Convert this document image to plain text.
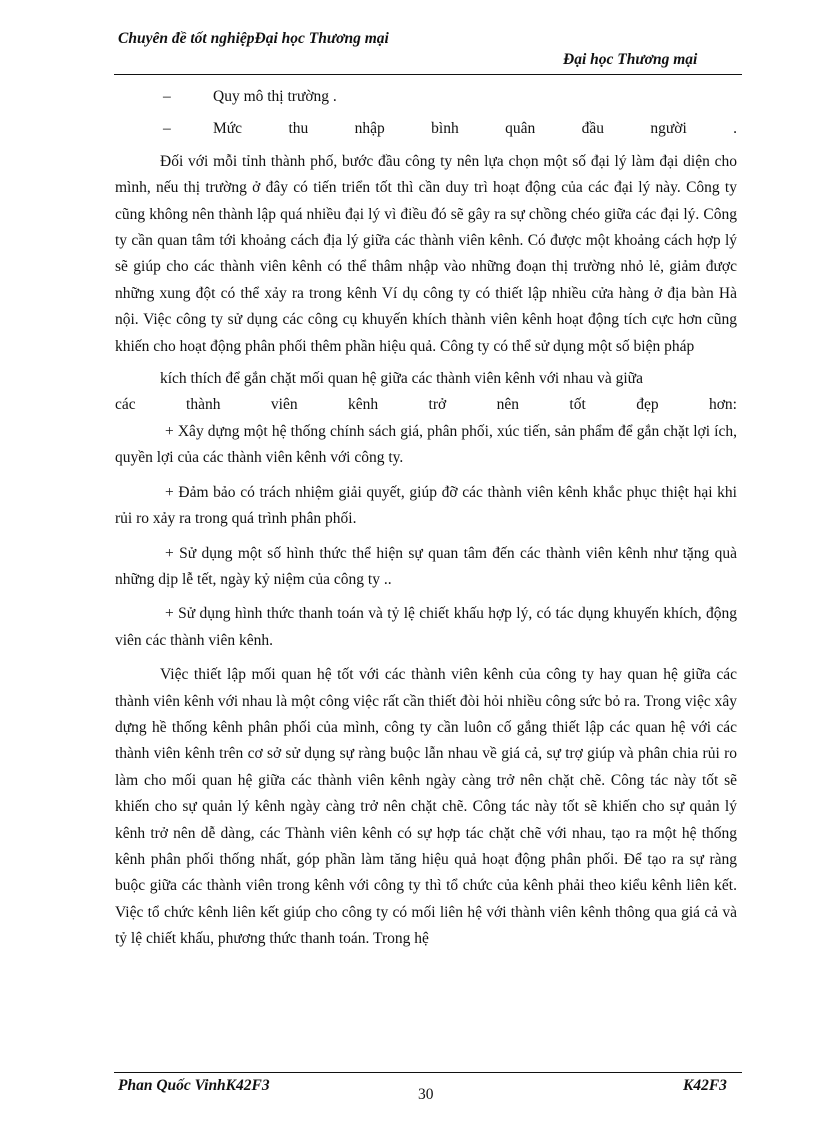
Chuyên đề tốt nghiệpĐại học Thương mại
Đại học Thương mại
–	Quy mô thị trường .
–	Mức thu nhập bình quân đầu người .

Đối với mỗi tỉnh thành phố, bước đầu công ty nên lựa chọn một số đại lý làm đại diện cho mình, nếu thị trường ở đây có tiến triển tốt thì cần duy trì hoạt động của các đại lý này. Công ty cũng không nên thành lập quá nhiều đại lý vì điều đó sẽ gây ra sự chồng chéo giữa các đại lý. Công ty cần quan tâm tới khoảng cách địa lý giữa các thành viên kênh. Có được một khoảng cách hợp lý sẽ giúp cho các thành viên kênh có thể thâm nhập vào những đoạn thị trường nhỏ lẻ, giảm được những xung đột có thể xảy ra trong kênh Ví dụ công ty có thiết lập nhiều cửa hàng ở địa bàn Hà nội. Việc công ty sử dụng các công cụ khuyến khích thành viên kênh hoạt động tích cực hơn cũng khiến cho hoạt động phân phối thêm phần hiệu quả. Công ty có thể sử dụng một số biện pháp

kích thích để gắn chặt mối quan hệ giữa các thành viên kênh với nhau và giữa

các thành viên kênh trở nên tốt đẹp hơn:

+ Xây dựng một hệ thống chính sách giá, phân phối, xúc tiến, sản phẩm để gắn chặt lợi ích, quyền lợi của các thành viên kênh với công ty.

+ Đảm bảo có trách nhiệm giải quyết, giúp đỡ các thành viên kênh khắc phục thiệt hại khi rủi ro xảy ra trong quá trình phân phối.

+ Sử dụng một số hình thức thể hiện sự quan tâm đến các thành viên kênh như tặng quà những dịp lễ tết, ngày kỷ niệm của công ty ..

+ Sử dụng hình thức thanh toán và tỷ lệ chiết khấu hợp lý, có tác dụng khuyến khích, động viên các thành viên kênh.

Việc thiết lập mối quan hệ tốt với các thành viên kênh của công ty hay quan hệ giữa các thành viên kênh với nhau là một công việc rất cần thiết đòi hỏi nhiều công sức bỏ ra. Trong việc xây dựng hề thống kênh phân phối của mình, công ty cần luôn cố gắng thiết lập các quan hệ với các thành viên kênh trên cơ sở sử dụng sự ràng buộc lẫn nhau về giá cả, sự trợ giúp và phân chia rủi ro làm cho mối quan hệ giữa các thành viên kênh ngày càng trở nên chặt chẽ. Công tác này tốt sẽ khiến cho sự quản lý kênh ngày càng trở nên chặt chẽ. Công tác này tốt sẽ khiến cho sự quản lý kênh trở nên dễ dàng, các Thành viên kênh có sự hợp tác chặt chẽ với nhau, tạo ra một hệ thống kênh phân phối thống nhất, góp phần làm tăng hiệu quả hoạt động phân phối. Để tạo ra sự ràng buộc giữa các thành viên trong kênh với công ty thì tổ chức của kênh phải theo kiểu kênh liên kết. Việc tổ chức kênh liên kết giúp cho công ty có mối liên hệ với thành viên kênh thông qua giá cả và tỷ lệ chiết khấu, phương thức thanh toán. Trong hệ

Phan Quốc VinhK42F3
30
K42F3
